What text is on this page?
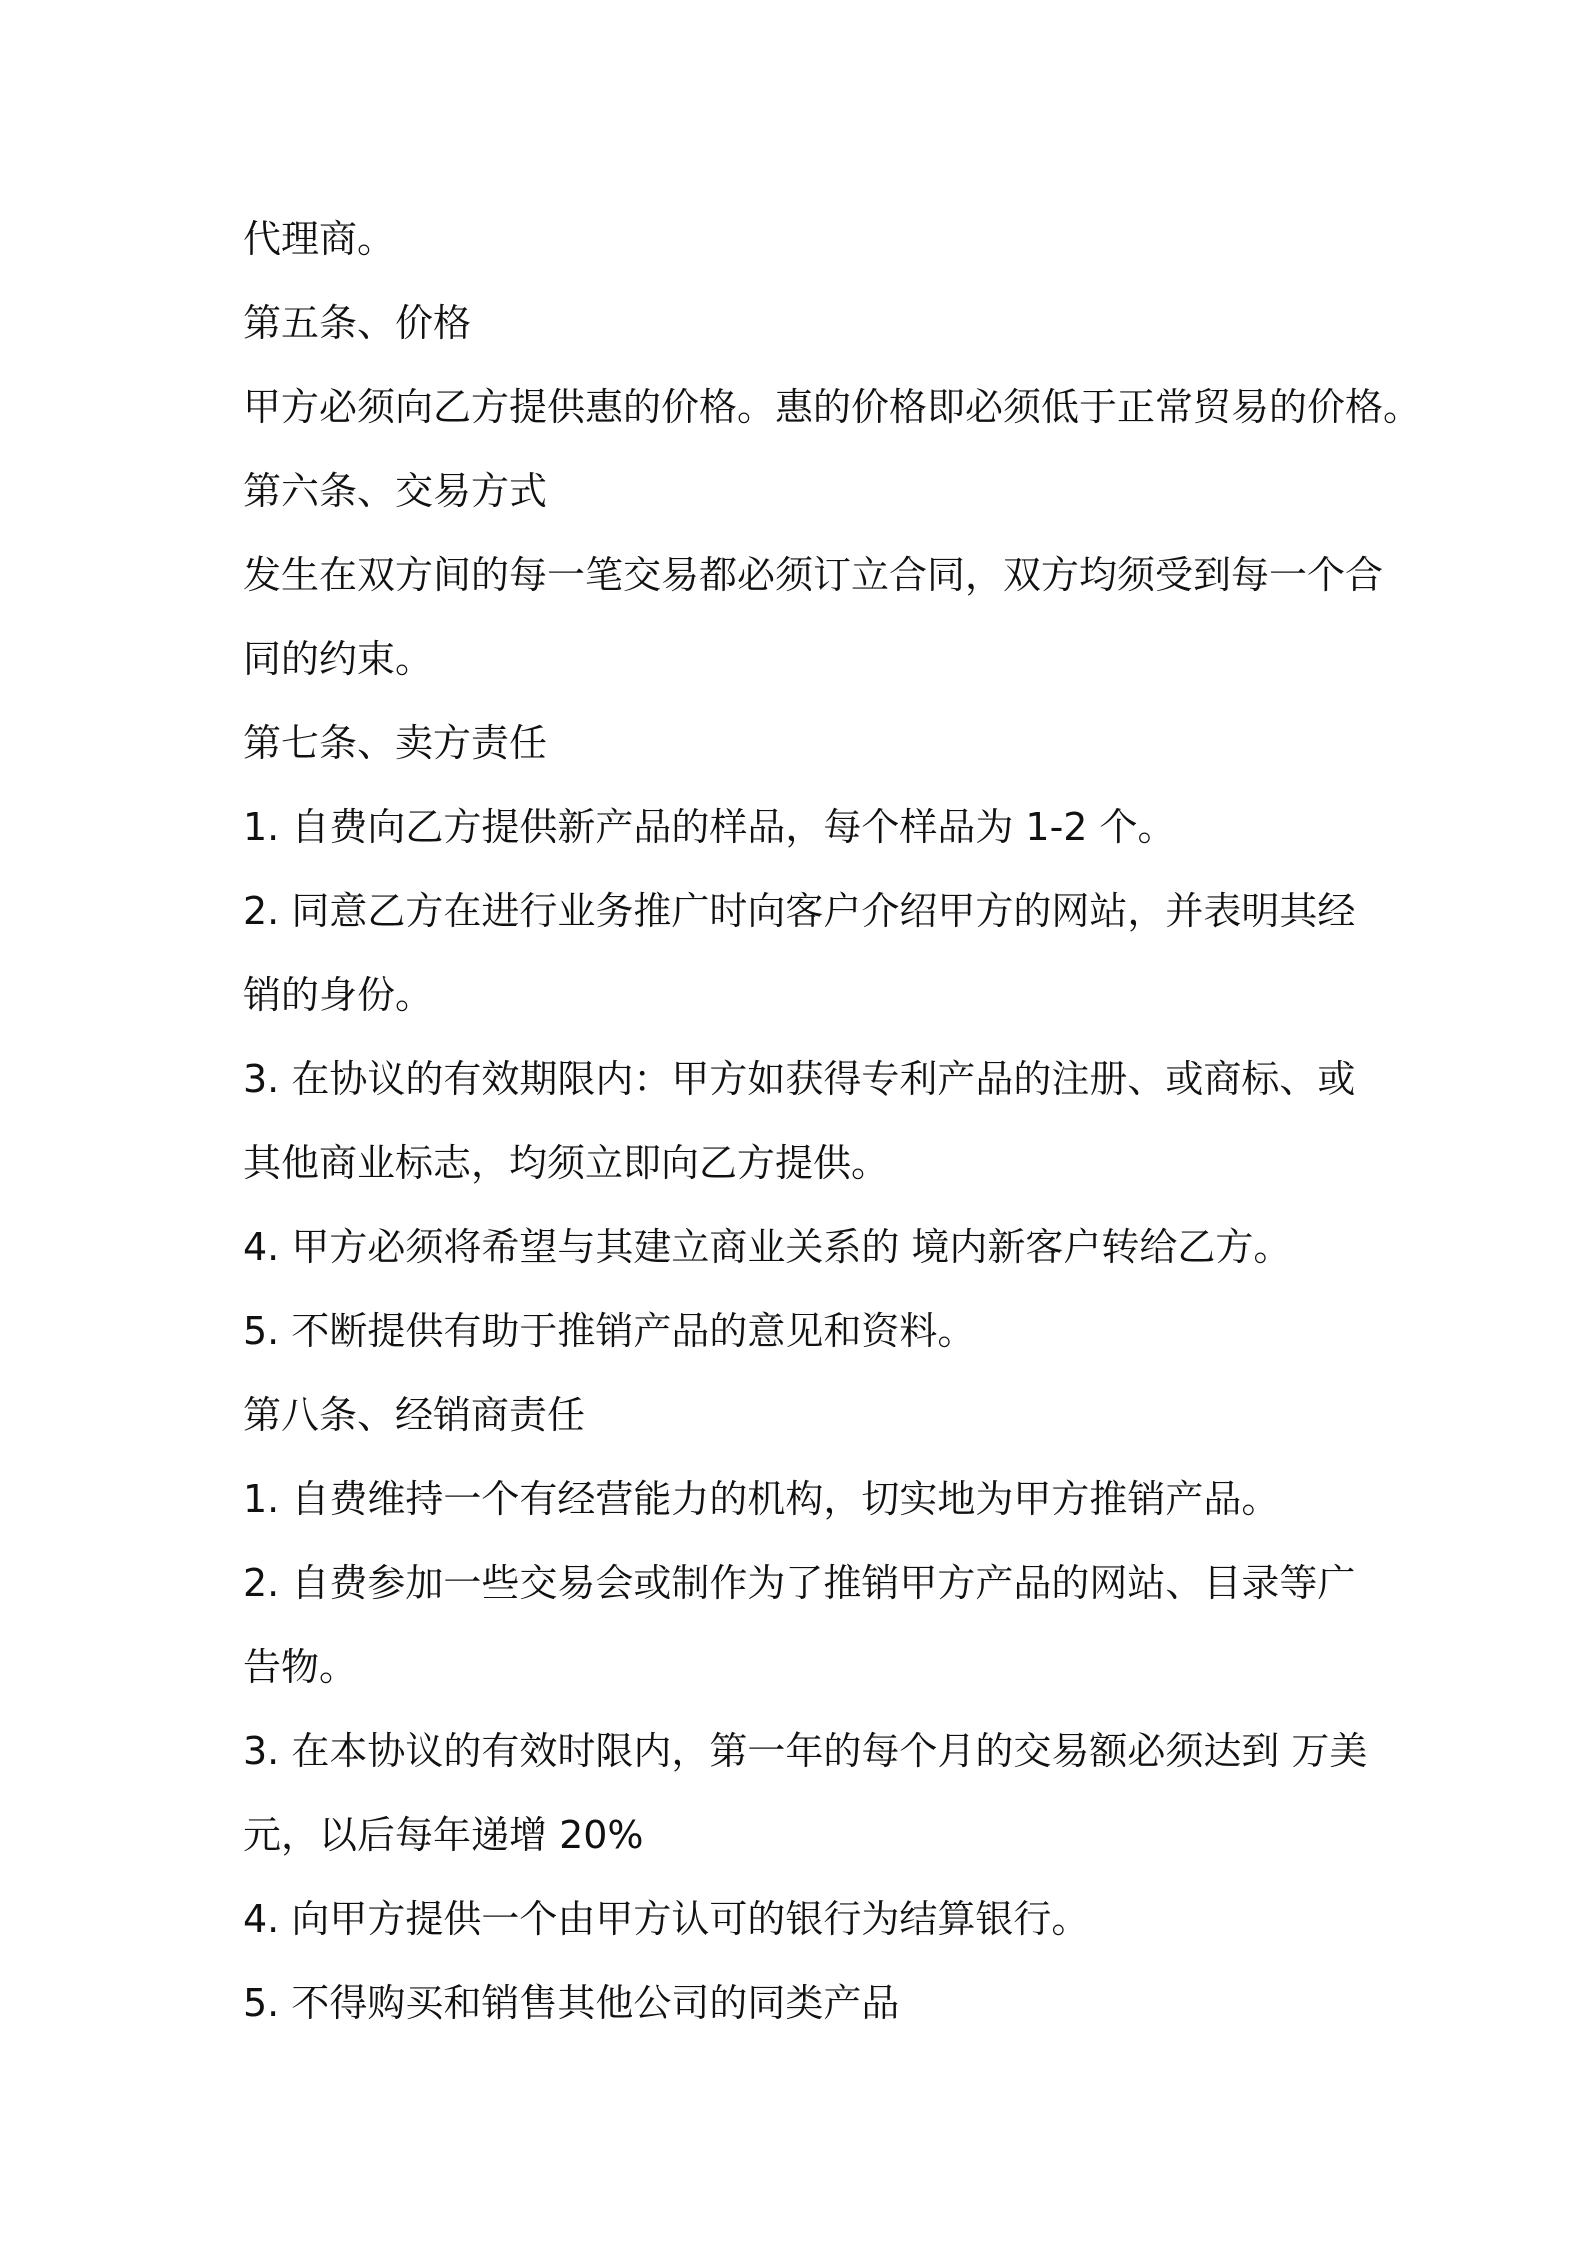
代理商。
第五条、价格
甲方必须向乙方提供惠的价格。惠的价格即必须低于正常贸易的价格。
第六条、交易方式
发生在双方间的每一笔交易都必须订立合同，双方均须受到每一个合
同的约束。
第七条、卖方责任
1. 自费向乙方提供新产品的样品，每个样品为 1-2 个。
2. 同意乙方在进行业务推广时向客户介绍甲方的网站，并表明其经
销的身份。
3. 在协议的有效期限内：甲方如获得专利产品的注册、或商标、或
其他商业标志，均须立即向乙方提供。
4. 甲方必须将希望与其建立商业关系的 境内新客户转给乙方。
5. 不断提供有助于推销产品的意见和资料。
第八条、经销商责任
1. 自费维持一个有经营能力的机构，切实地为甲方推销产品。
2. 自费参加一些交易会或制作为了推销甲方产品的网站、目录等广
告物。
3. 在本协议的有效时限内，第一年的每个月的交易额必须达到 万美
元，以后每年递增 20%
4. 向甲方提供一个由甲方认可的银行为结算银行。
5. 不得购买和销售其他公司的同类产品
